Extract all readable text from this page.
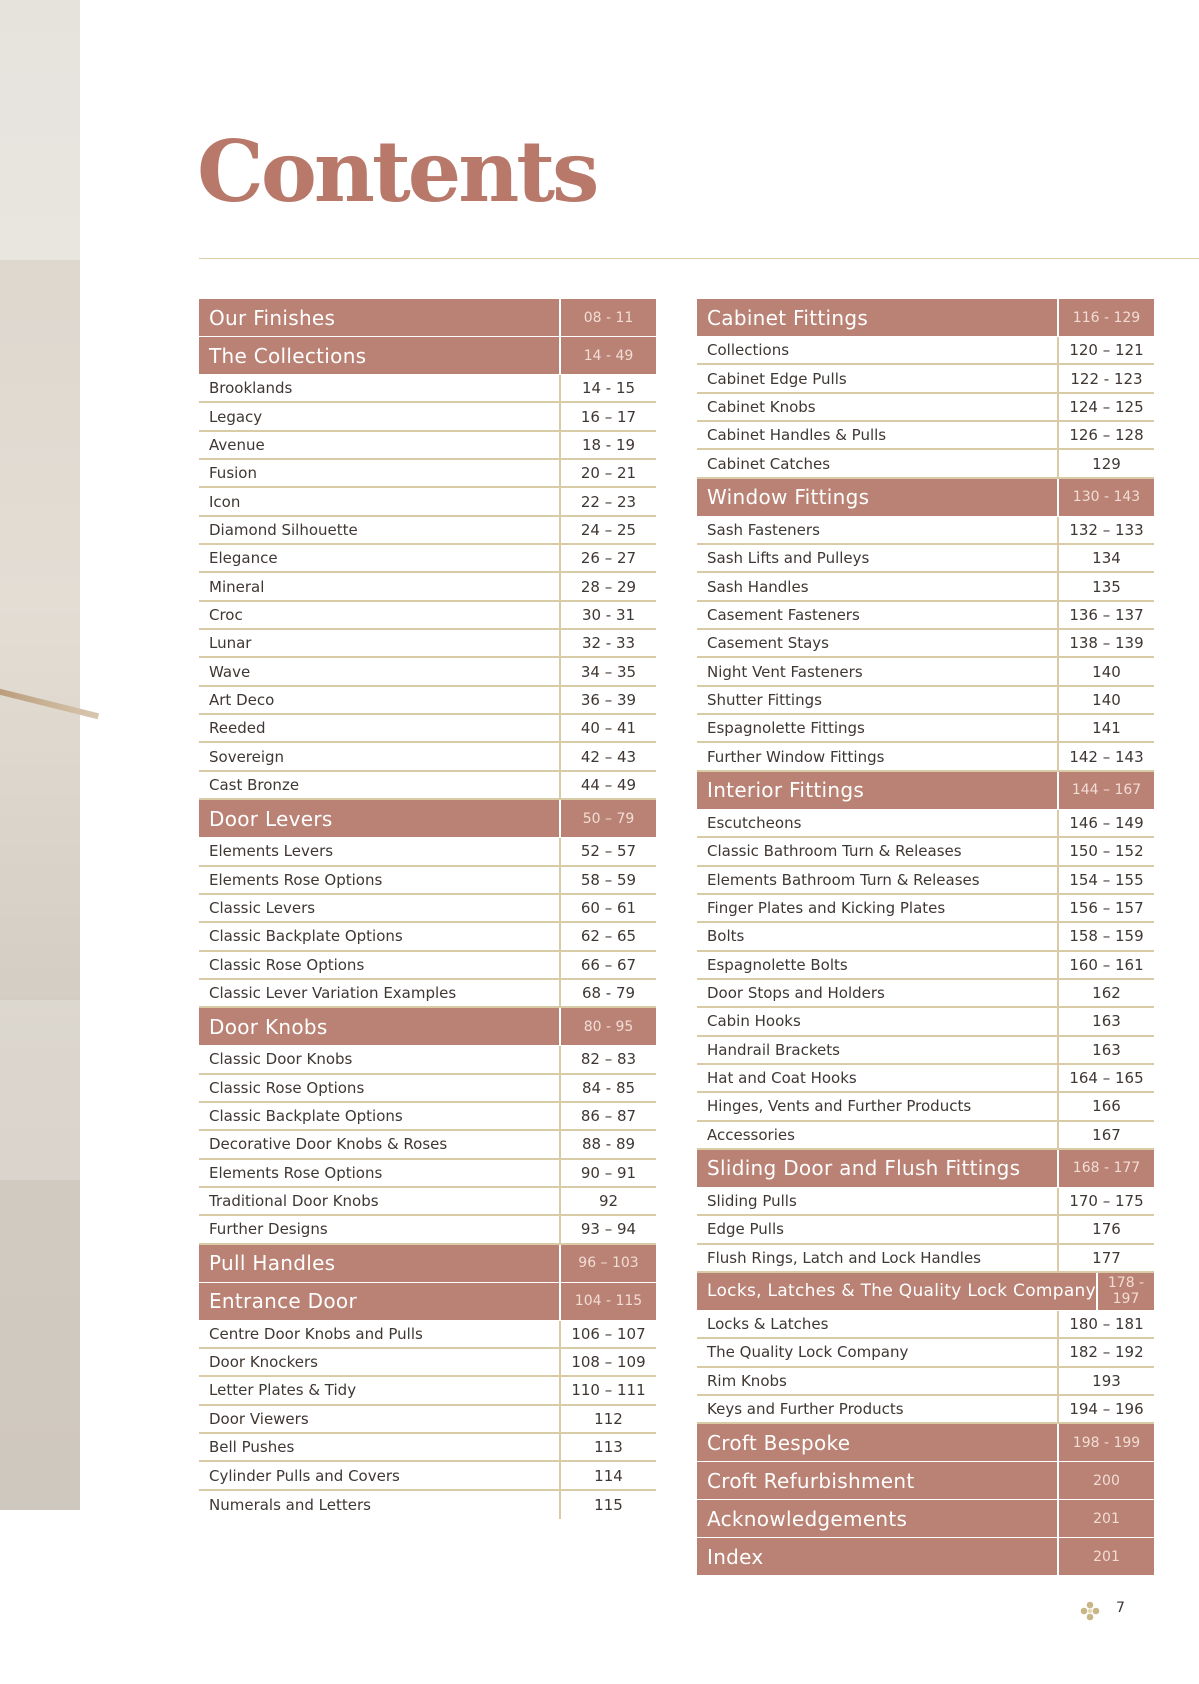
Contents
Our Finishes	08 - 11
The Collections	14 - 49
Brooklands	14 - 15
Legacy	16 – 17
Avenue	18 - 19
Fusion	20 – 21
Icon	22 – 23
Diamond Silhouette	24 – 25
Elegance	26 – 27
Mineral	28 – 29
Croc	30 - 31
Lunar	32 - 33
Wave	34 – 35
Art Deco	36 – 39
Reeded	40 – 41
Sovereign	42 – 43
Cast Bronze	44 – 49
Door Levers	50 – 79
Elements Levers	52 – 57
Elements Rose Options	58 – 59
Classic Levers	60 – 61
Classic Backplate Options	62 – 65
Classic Rose Options	66 – 67
Classic Lever Variation Examples	68 - 79
Door Knobs	80 - 95
Classic Door Knobs	82 – 83
Classic Rose Options	84 - 85
Classic Backplate Options	86 – 87
Decorative Door Knobs & Roses	88 - 89
Elements Rose Options	90 – 91
Traditional Door Knobs	92
Further Designs	93 – 94
Pull Handles	96 – 103
Entrance Door	104 - 115
Centre Door Knobs and Pulls	106 – 107
Door Knockers	108 – 109
Letter Plates & Tidy	110 – 111
Door Viewers	112
Bell Pushes	113
Cylinder Pulls and Covers	114
Numerals and Letters	115
Cabinet Fittings	116 - 129
Collections	120 – 121
Cabinet Edge Pulls	122 - 123
Cabinet Knobs	124 – 125
Cabinet Handles & Pulls	126 – 128
Cabinet Catches	129
Window Fittings	130 - 143
Sash Fasteners	132 – 133
Sash Lifts and Pulleys	134
Sash Handles	135
Casement Fasteners	136 – 137
Casement Stays	138 – 139
Night Vent Fasteners	140
Shutter Fittings	140
Espagnolette Fittings	141
Further Window Fittings	142 – 143
Interior Fittings	144 – 167
Escutcheons	146 – 149
Classic Bathroom Turn & Releases	150 – 152
Elements Bathroom Turn & Releases	154 – 155
Finger Plates and Kicking Plates	156 – 157
Bolts	158 – 159
Espagnolette Bolts	160 – 161
Door Stops and Holders	162
Cabin Hooks	163
Handrail Brackets	163
Hat and Coat Hooks	164 – 165
Hinges, Vents and Further Products	166
Accessories	167
Sliding Door and Flush Fittings	168 - 177
Sliding Pulls	170 – 175
Edge Pulls	176
Flush Rings, Latch and Lock Handles	177
Locks, Latches & The Quality Lock Company 178 - 197
Locks & Latches	180 – 181
The Quality Lock Company	182 – 192
Rim Knobs	193
Keys and Further Products	194 – 196
Croft Bespoke	198 - 199
Croft Refurbishment	200
Acknowledgements	201
Index	201
7
